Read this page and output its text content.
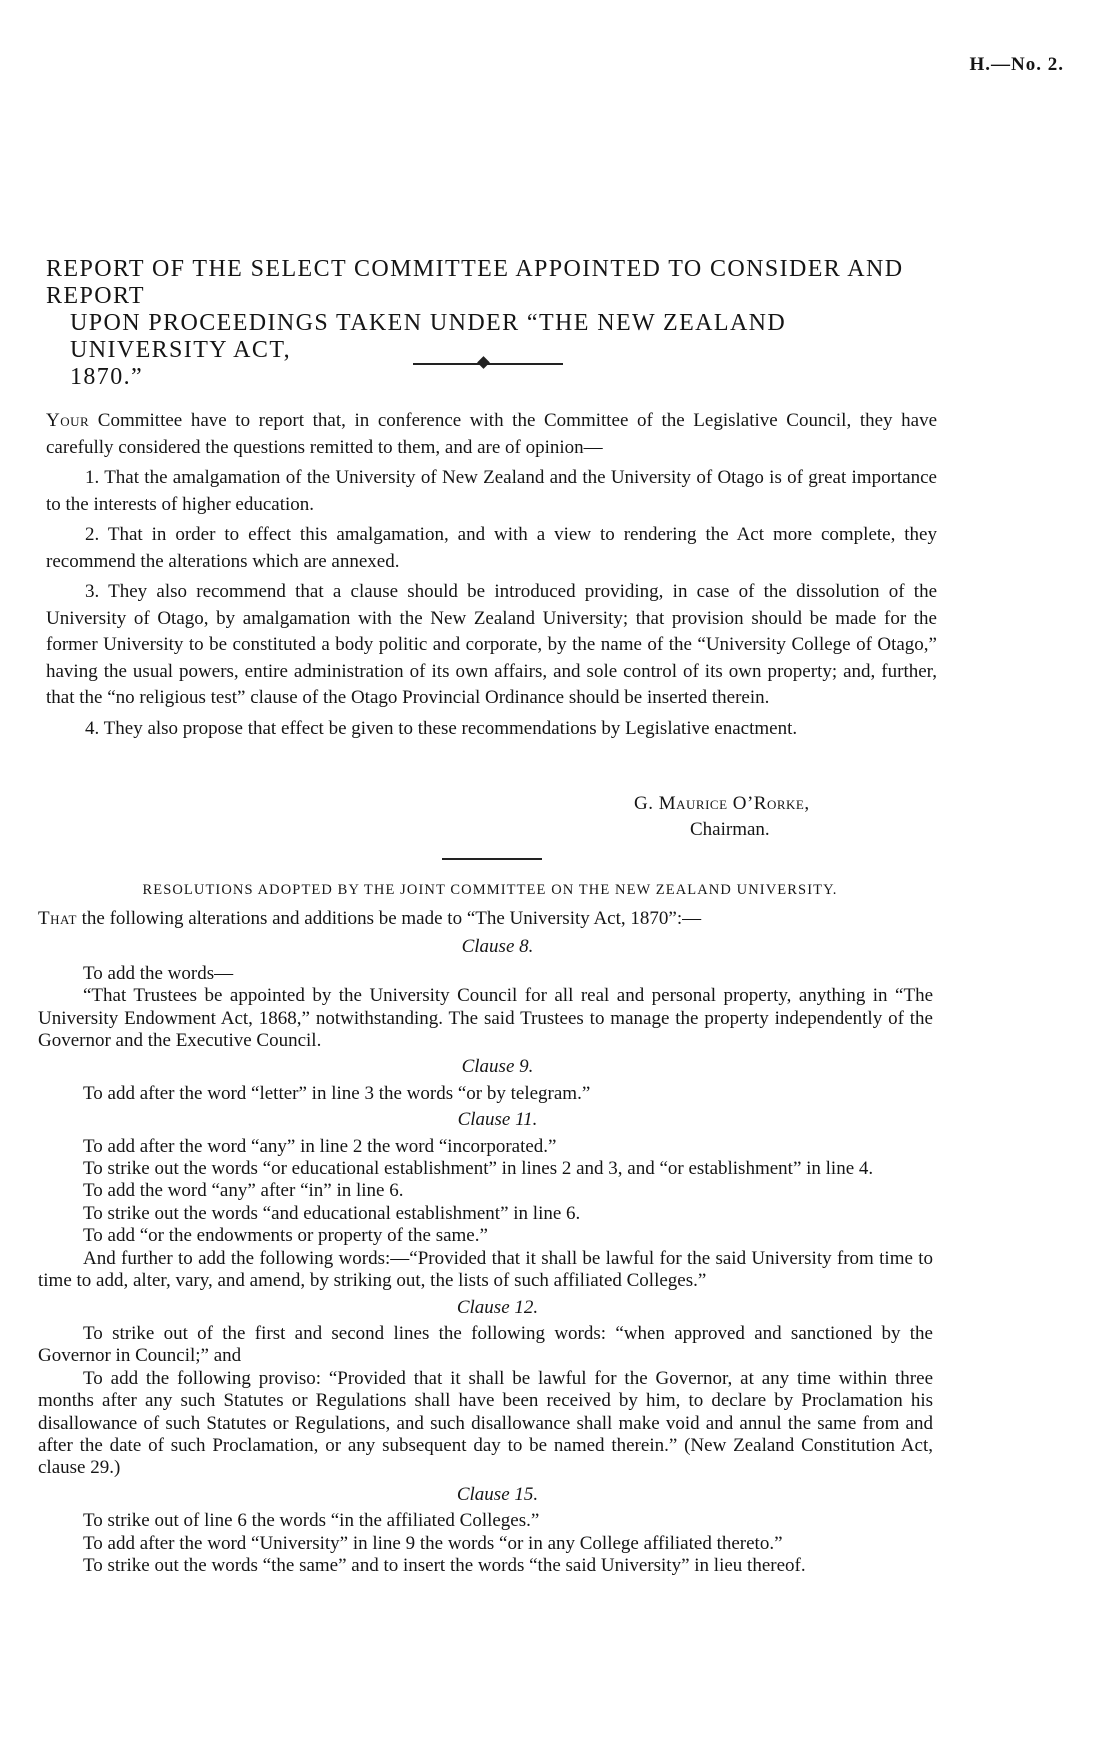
H.—No. 2.
REPORT OF THE SELECT COMMITTEE APPOINTED TO CONSIDER AND REPORT
UPON PROCEEDINGS TAKEN UNDER “THE NEW ZEALAND UNIVERSITY ACT,
1870.”

Your Committee have to report that, in conference with the Committee of the Legislative Council, they have carefully considered the questions remitted to them, and are of opinion—

1. That the amalgamation of the University of New Zealand and the University of Otago is of great importance to the interests of higher education.

2. That in order to effect this amalgamation, and with a view to rendering the Act more complete, they recommend the alterations which are annexed.

3. They also recommend that a clause should be introduced providing, in case of the dissolution of the University of Otago, by amalgamation with the New Zealand University; that provision should be made for the former University to be constituted a body politic and corporate, by the name of the “University College of Otago,” having the usual powers, entire administration of its own affairs, and sole control of its own property; and, further, that the “no religious test” clause of the Otago Provincial Ordinance should be inserted therein.

4. They also propose that effect be given to these recommendations by Legislative enactment.

G. Maurice O’Rorke,
Chairman.
RESOLUTIONS ADOPTED BY THE JOINT COMMITTEE ON THE NEW ZEALAND UNIVERSITY.

That the following alterations and additions be made to “The University Act, 1870”:—

Clause 8.

To add the words—

“That Trustees be appointed by the University Council for all real and personal property, anything in “The University Endowment Act, 1868,” notwithstanding. The said Trustees to manage the property independently of the Governor and the Executive Council.

Clause 9.

To add after the word “letter” in line 3 the words “or by telegram.”

Clause 11.

To add after the word “any” in line 2 the word “incorporated.”

To strike out the words “or educational establishment” in lines 2 and 3, and “or establishment” in line 4.

To add the word “any” after “in” in line 6.

To strike out the words “and educational establishment” in line 6.

To add “or the endowments or property of the same.”

And further to add the following words:—“Provided that it shall be lawful for the said University from time to time to add, alter, vary, and amend, by striking out, the lists of such affiliated Colleges.”

Clause 12.

To strike out of the first and second lines the following words: “when approved and sanctioned by the Governor in Council;” and

To add the following proviso: “Provided that it shall be lawful for the Governor, at any time within three months after any such Statutes or Regulations shall have been received by him, to declare by Proclamation his disallowance of such Statutes or Regulations, and such disallowance shall make void and annul the same from and after the date of such Proclamation, or any subsequent day to be named therein.” (New Zealand Constitution Act, clause 29.)

Clause 15.

To strike out of line 6 the words “in the affiliated Colleges.”

To add after the word “University” in line 9 the words “or in any College affiliated thereto.”

To strike out the words “the same” and to insert the words “the said University” in lieu thereof.
